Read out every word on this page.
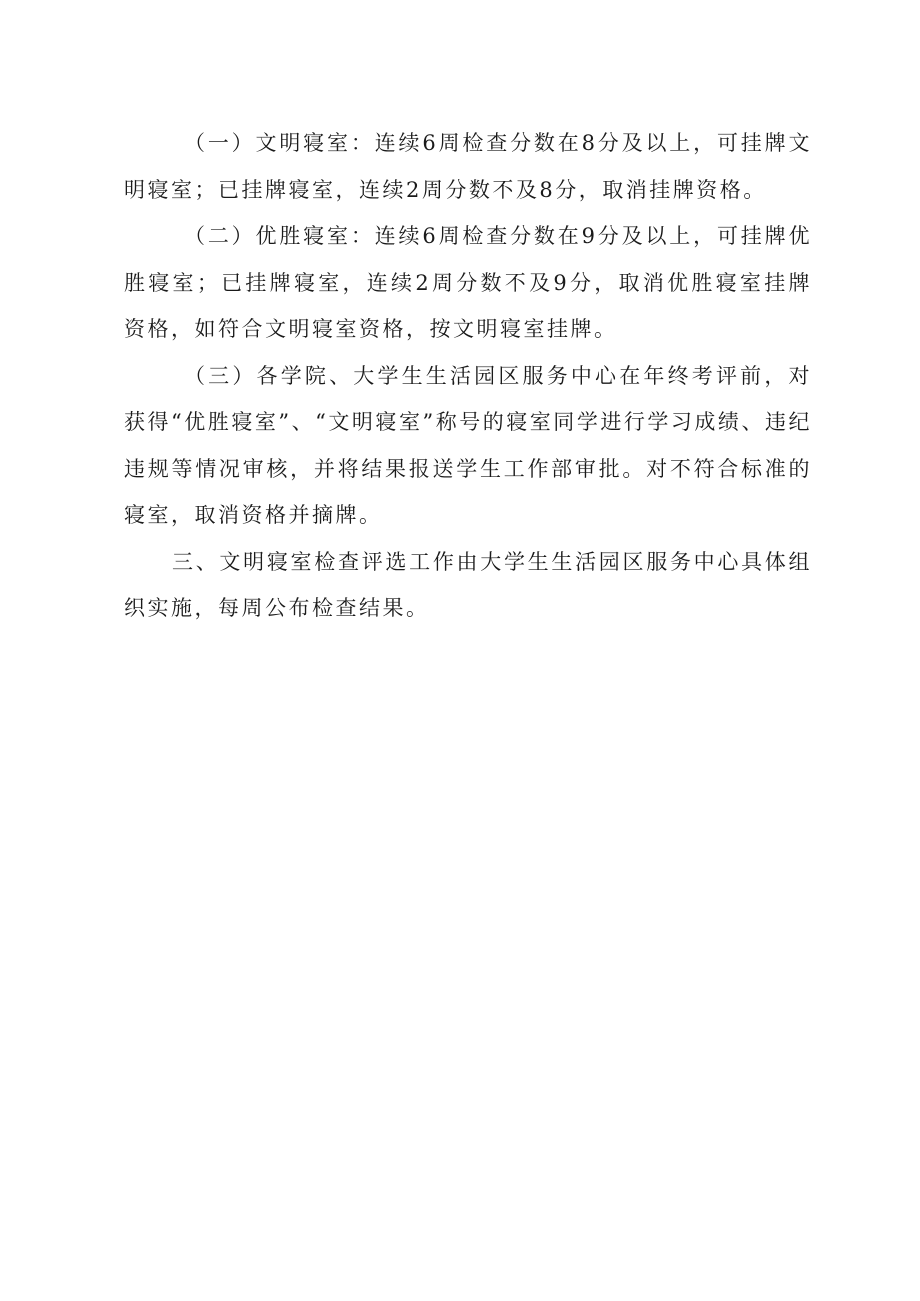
（一）文明寝室：连续6周检查分数在8分及以上，可挂牌文明寝室；已挂牌寝室，连续2周分数不及8分，取消挂牌资格。

（二）优胜寝室：连续6周检查分数在9分及以上，可挂牌优胜寝室；已挂牌寝室，连续2周分数不及9分，取消优胜寝室挂牌资格，如符合文明寝室资格，按文明寝室挂牌。

（三）各学院、大学生生活园区服务中心在年终考评前，对获得“优胜寝室”、“文明寝室”称号的寝室同学进行学习成绩、违纪违规等情况审核，并将结果报送学生工作部审批。对不符合标准的寝室，取消资格并摘牌。

三、文明寝室检查评选工作由大学生生活园区服务中心具体组织实施，每周公布检查结果。
